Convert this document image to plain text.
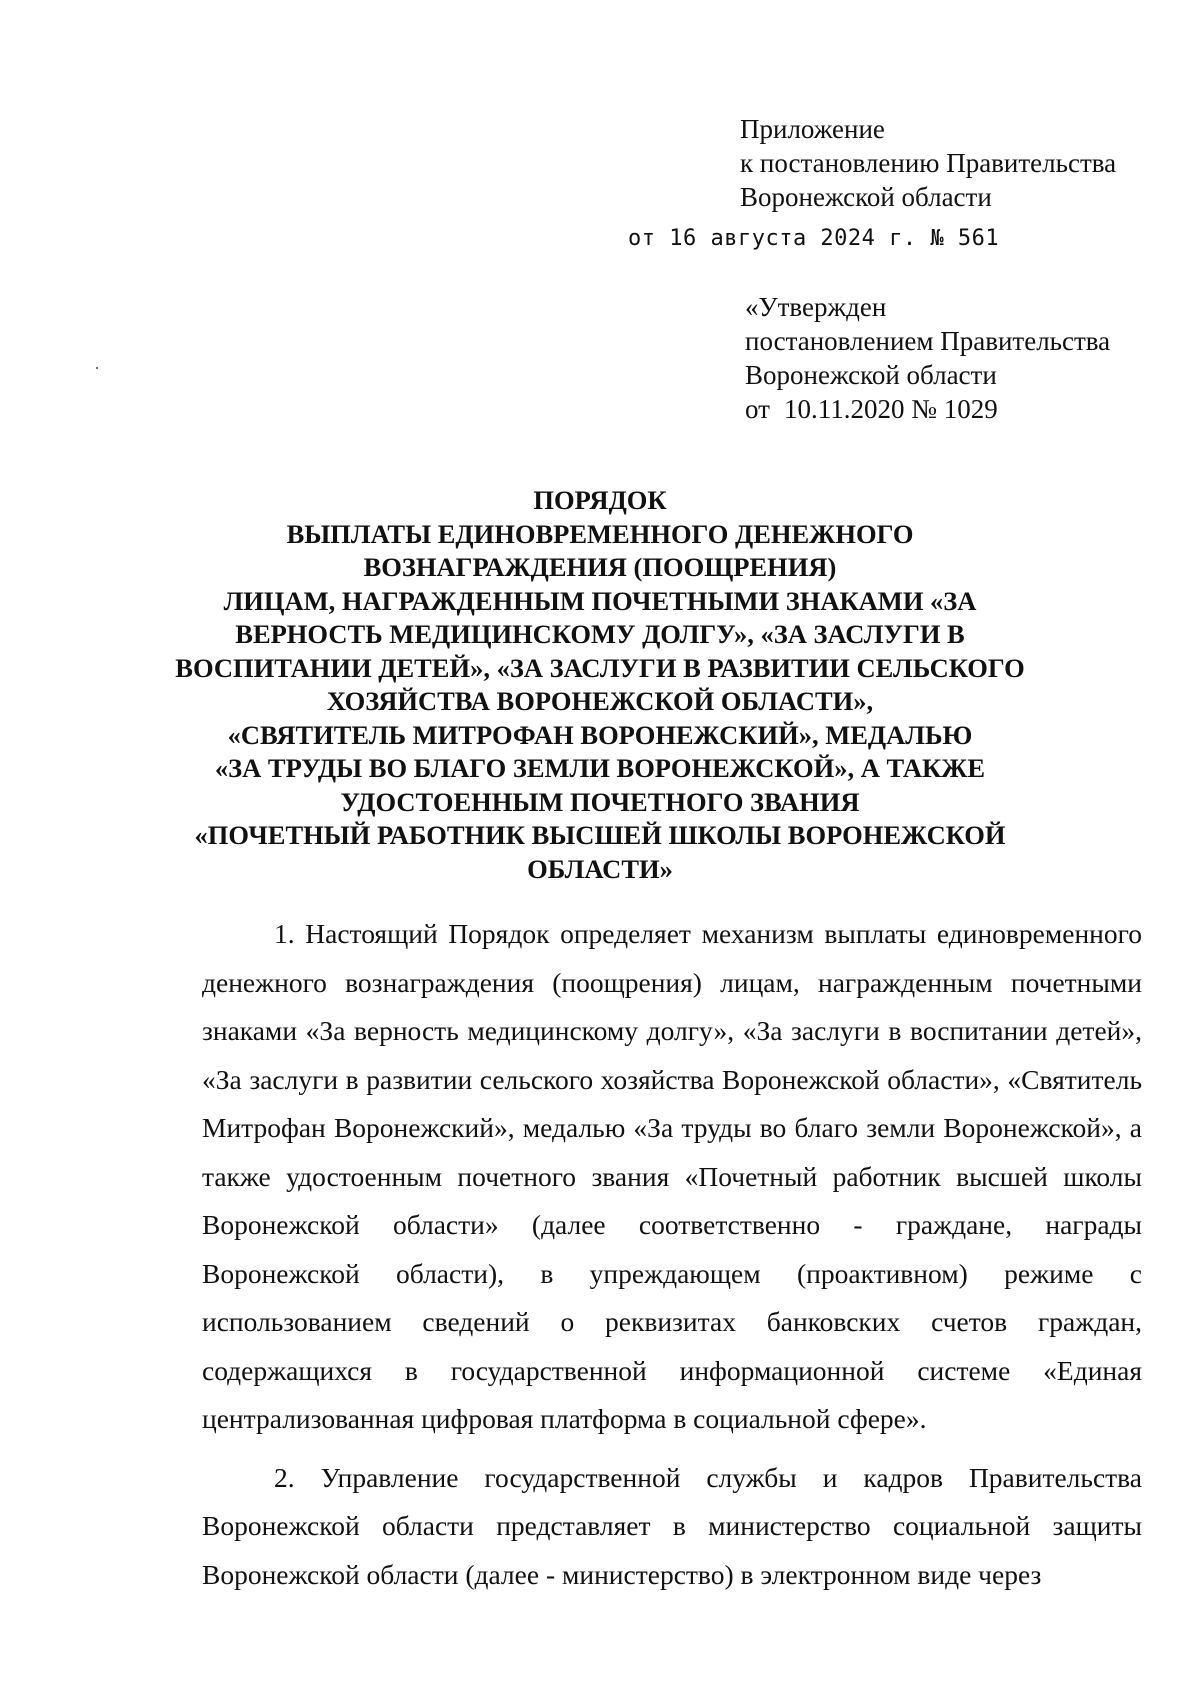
Приложение
к постановлению Правительства
Воронежской области
от 16 августа 2024 г. № 561
«Утвержден
постановлением Правительства
Воронежской области
от 10.11.2020 № 1029
ПОРЯДОК
ВЫПЛАТЫ ЕДИНОВРЕМЕННОГО ДЕНЕЖНОГО
ВОЗНАГРАЖДЕНИЯ (ПООЩРЕНИЯ)
ЛИЦАМ, НАГРАЖДЕННЫМ ПОЧЕТНЫМИ ЗНАКАМИ «ЗА
ВЕРНОСТЬ МЕДИЦИНСКОМУ ДОЛГУ», «ЗА ЗАСЛУГИ В
ВОСПИТАНИИ ДЕТЕЙ», «ЗА ЗАСЛУГИ В РАЗВИТИИ СЕЛЬСКОГО
ХОЗЯЙСТВА ВОРОНЕЖСКОЙ ОБЛАСТИ»,
«СВЯТИТЕЛЬ МИТРОФАН ВОРОНЕЖСКИЙ», МЕДАЛЬЮ
«ЗА ТРУДЫ ВО БЛАГО ЗЕМЛИ ВОРОНЕЖСКОЙ», А ТАКЖЕ
УДОСТОЕННЫМ ПОЧЕТНОГО ЗВАНИЯ
«ПОЧЕТНЫЙ РАБОТНИК ВЫСШЕЙ ШКОЛЫ ВОРОНЕЖСКОЙ
ОБЛАСТИ»

1. Настоящий Порядок определяет механизм выплаты единовременного денежного вознаграждения (поощрения) лицам, награжденным почетными знаками «За верность медицинскому долгу», «За заслуги в воспитании детей», «За заслуги в развитии сельского хозяйства Воронежской области», «Святитель Митрофан Воронежский», медалью «За труды во благо земли Воронежской», а также удостоенным почетного звания «Почетный работник высшей школы Воронежской области» (далее соответственно - граждане, награды Воронежской области), в упреждающем (проактивном) режиме с использованием сведений о реквизитах банковских счетов граждан, содержащихся в государственной информационной системе «Единая централизованная цифровая платформа в социальной сфере».

2. Управление государственной службы и кадров Правительства Воронежской области представляет в министерство социальной защиты Воронежской области (далее - министерство) в электронном виде через
